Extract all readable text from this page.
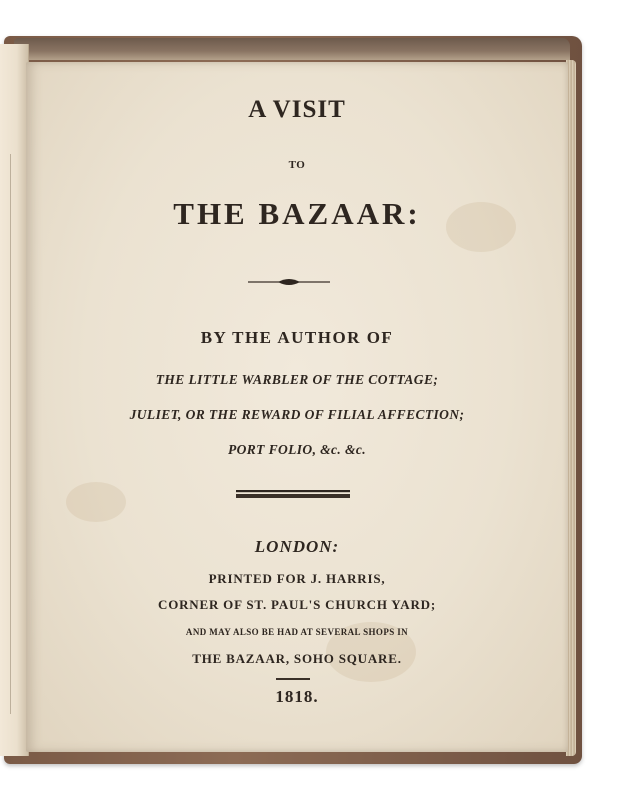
A VISIT
TO
THE BAZAAR:
BY THE AUTHOR OF
THE LITTLE WARBLER OF THE COTTAGE;
JULIET, OR THE REWARD OF FILIAL AFFECTION;
PORT FOLIO, &c. &c.
LONDON:
PRINTED FOR J. HARRIS,
CORNER OF ST. PAUL'S CHURCH YARD;
AND MAY ALSO BE HAD AT SEVERAL SHOPS IN
THE BAZAAR, SOHO SQUARE.
1818.
